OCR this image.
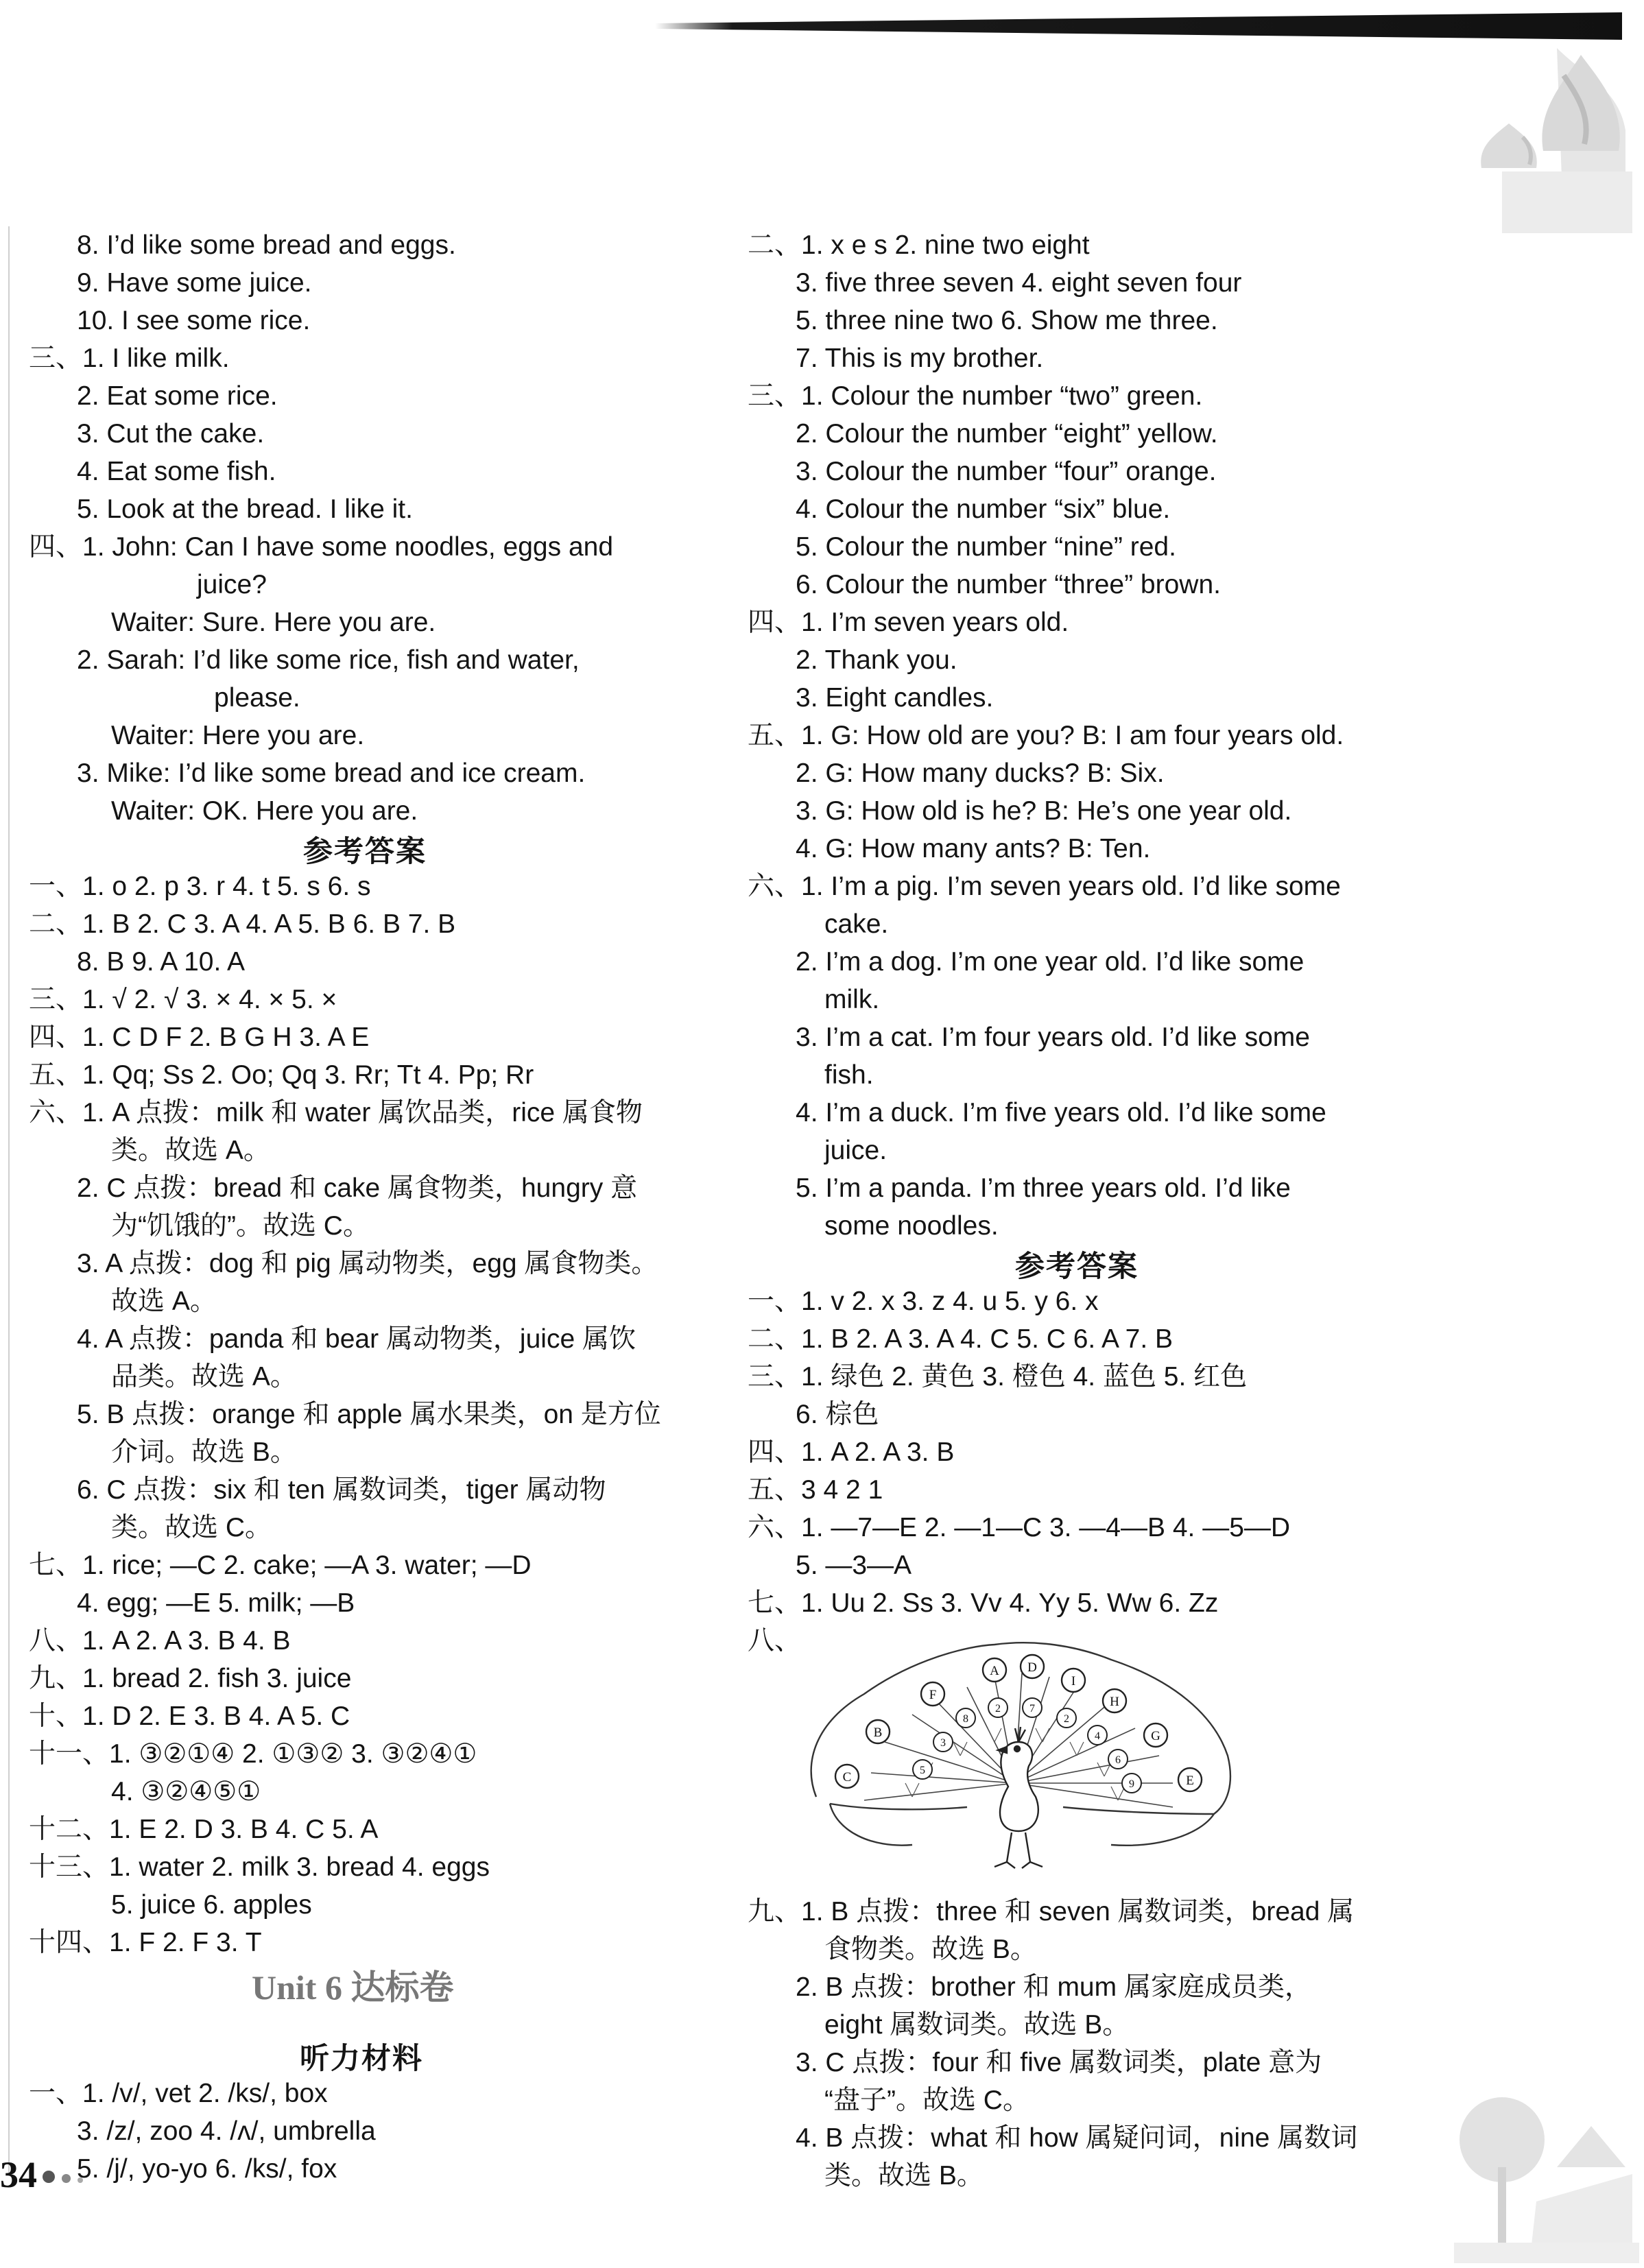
34
8. I’d like some bread and eggs.
9. Have some juice.
10. I see some rice.
三、1. I like milk.
2. Eat some rice.
3. Cut the cake.
4. Eat some fish.
5. Look at the bread. I like it.
四、1. John: Can I have some noodles, eggs and
juice?
Waiter: Sure. Here you are.
2. Sarah: I’d like some rice, fish and water,
please.
Waiter: Here you are.
3. Mike: I’d like some bread and ice cream.
Waiter: OK. Here you are.
一、1. o 2. p 3. r 4. t 5. s 6. s
二、1. B 2. C 3. A 4. A 5. B 6. B 7. B
8. B 9. A 10. A
三、1. √ 2. √ 3. × 4. × 5. ×
四、1. C D F 2. B G H 3. A E
五、1. Qq; Ss 2. Oo; Qq 3. Rr; Tt 4. Pp; Rr
六、1. A 点拨：milk 和 water 属饮品类，rice 属食物
类。故选 A。
2. C 点拨：bread 和 cake 属食物类，hungry 意
为“饥饿的”。故选 C。
3. A 点拨：dog 和 pig 属动物类，egg 属食物类。
故选 A。
4. A 点拨：panda 和 bear 属动物类，juice 属饮
品类。故选 A。
5. B 点拨：orange 和 apple 属水果类，on 是方位
介词。故选 B。
6. C 点拨：six 和 ten 属数词类，tiger 属动物
类。故选 C。
七、1. rice; —C 2. cake; —A 3. water; —D
4. egg; —E 5. milk; —B
八、1. A 2. A 3. B 4. B
九、1. bread 2. fish 3. juice
十、1. D 2. E 3. B 4. A 5. C
十一、1. ③②①④ 2. ①③② 3. ③②④①
4. ③②④⑤①
十二、1. E 2. D 3. B 4. C 5. A
十三、1. water 2. milk 3. bread 4. eggs
5. juice 6. apples
十四、1. F 2. F 3. T
一、1. /v/, vet 2. /ks/, box
3. /z/, zoo 4. /ʌ/, umbrella
5. /j/, yo-yo 6. /ks/, fox
参考答案
Unit 6 达标卷
听力材料
二、1. x e s 2. nine two eight
3. five three seven 4. eight seven four
5. three nine two 6. Show me three.
7. This is my brother.
三、1. Colour the number “two” green.
2. Colour the number “eight” yellow.
3. Colour the number “four” orange.
4. Colour the number “six” blue.
5. Colour the number “nine” red.
6. Colour the number “three” brown.
四、1. I’m seven years old.
2. Thank you.
3. Eight candles.
五、1. G: How old are you? B: I am four years old.
2. G: How many ducks? B: Six.
3. G: How old is he? B: He’s one year old.
4. G: How many ants? B: Ten.
六、1. I’m a pig. I’m seven years old. I’d like some
cake.
2. I’m a dog. I’m one year old. I’d like some
milk.
3. I’m a cat. I’m four years old. I’d like some
fish.
4. I’m a duck. I’m five years old. I’d like some
juice.
5. I’m a panda. I’m three years old. I’d like
some noodles.
一、1. v 2. x 3. z 4. u 5. y 6. x
二、1. B 2. A 3. A 4. C 5. C 6. A 7. B
三、1. 绿色 2. 黄色 3. 橙色 4. 蓝色 5. 红色
6. 棕色
四、1. A 2. A 3. B
五、3 4 2 1
六、1. —7—E 2. —1—C 3. —4—B 4. —5—D
5. —3—A
七、1. Uu 2. Ss 3. Vv 4. Yy 5. Ww 6. Zz
八、
九、1. B 点拨：three 和 seven 属数词类，bread 属
食物类。故选 B。
2. B 点拨：brother 和 mum 属家庭成员类，
eight 属数词类。故选 B。
3. C 点拨：four 和 five 属数词类，plate 意为
“盘子”。故选 C。
4. B 点拨：what 和 how 属疑问词，nine 属数词
类。故选 B。
参考答案
A D
I
F	H
B	G
C	E
8
2	7
2
4
3
6
5
9
